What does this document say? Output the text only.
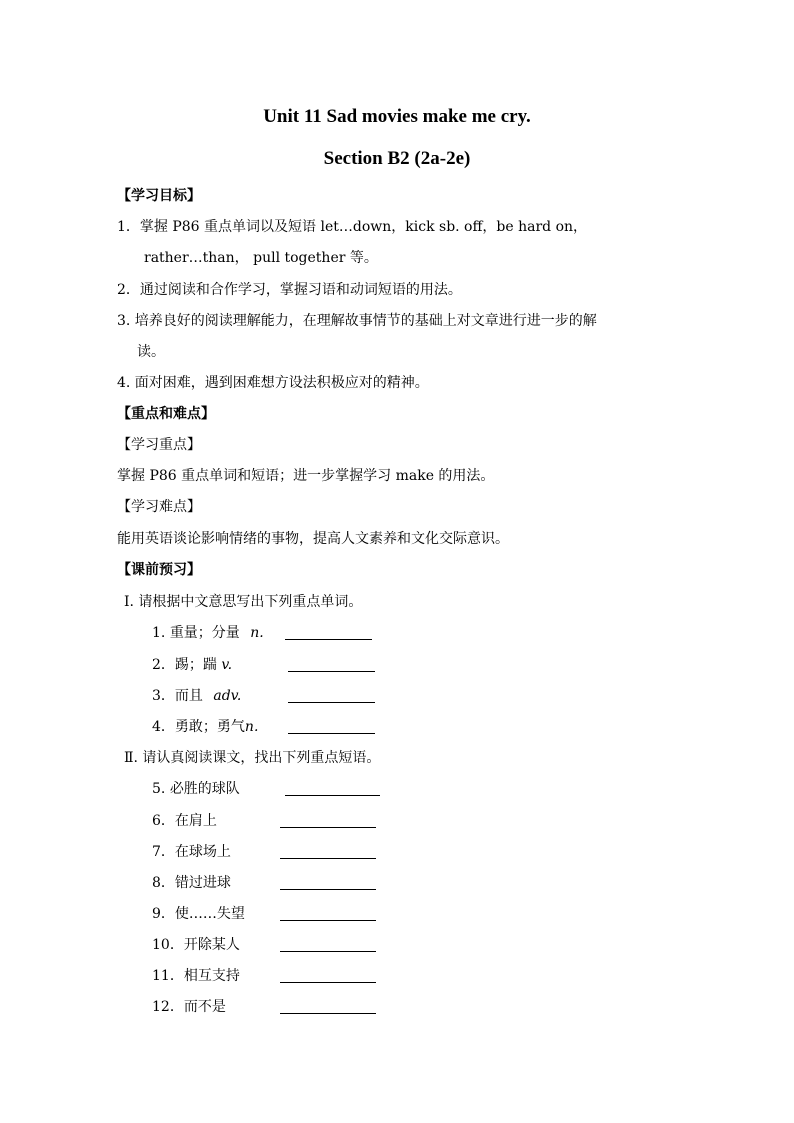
Unit 11 Sad movies make me cry.
Section B2 (2a-2e)
【学习目标】
1．掌握 P86 重点单词以及短语 let…down，kick sb. off，be hard on，
rather…than， pull together 等。
2．通过阅读和合作学习，掌握习语和动词短语的用法。
3. 培养良好的阅读理解能力，在理解故事情节的基础上对文章进行进一步的解
读。
4. 面对困难，遇到困难想方设法积极应对的精神。
【重点和难点】
【学习重点】
掌握 P86 重点单词和短语；进一步掌握学习 make 的用法。
【学习难点】
能用英语谈论影响情绪的事物，提高人文素养和文化交际意识。
【课前预习】
Ⅰ. 请根据中文意思写出下列重点单词。
1. 重量；分量 n.
2．踢；踹 v.
3．而且 adv.
4．勇敢；勇气n.
Ⅱ. 请认真阅读课文，找出下列重点短语。
5. 必胜的球队
6．在肩上
7．在球场上
8．错过进球
9．使……失望
10．开除某人
11．相互支持
12．而不是
